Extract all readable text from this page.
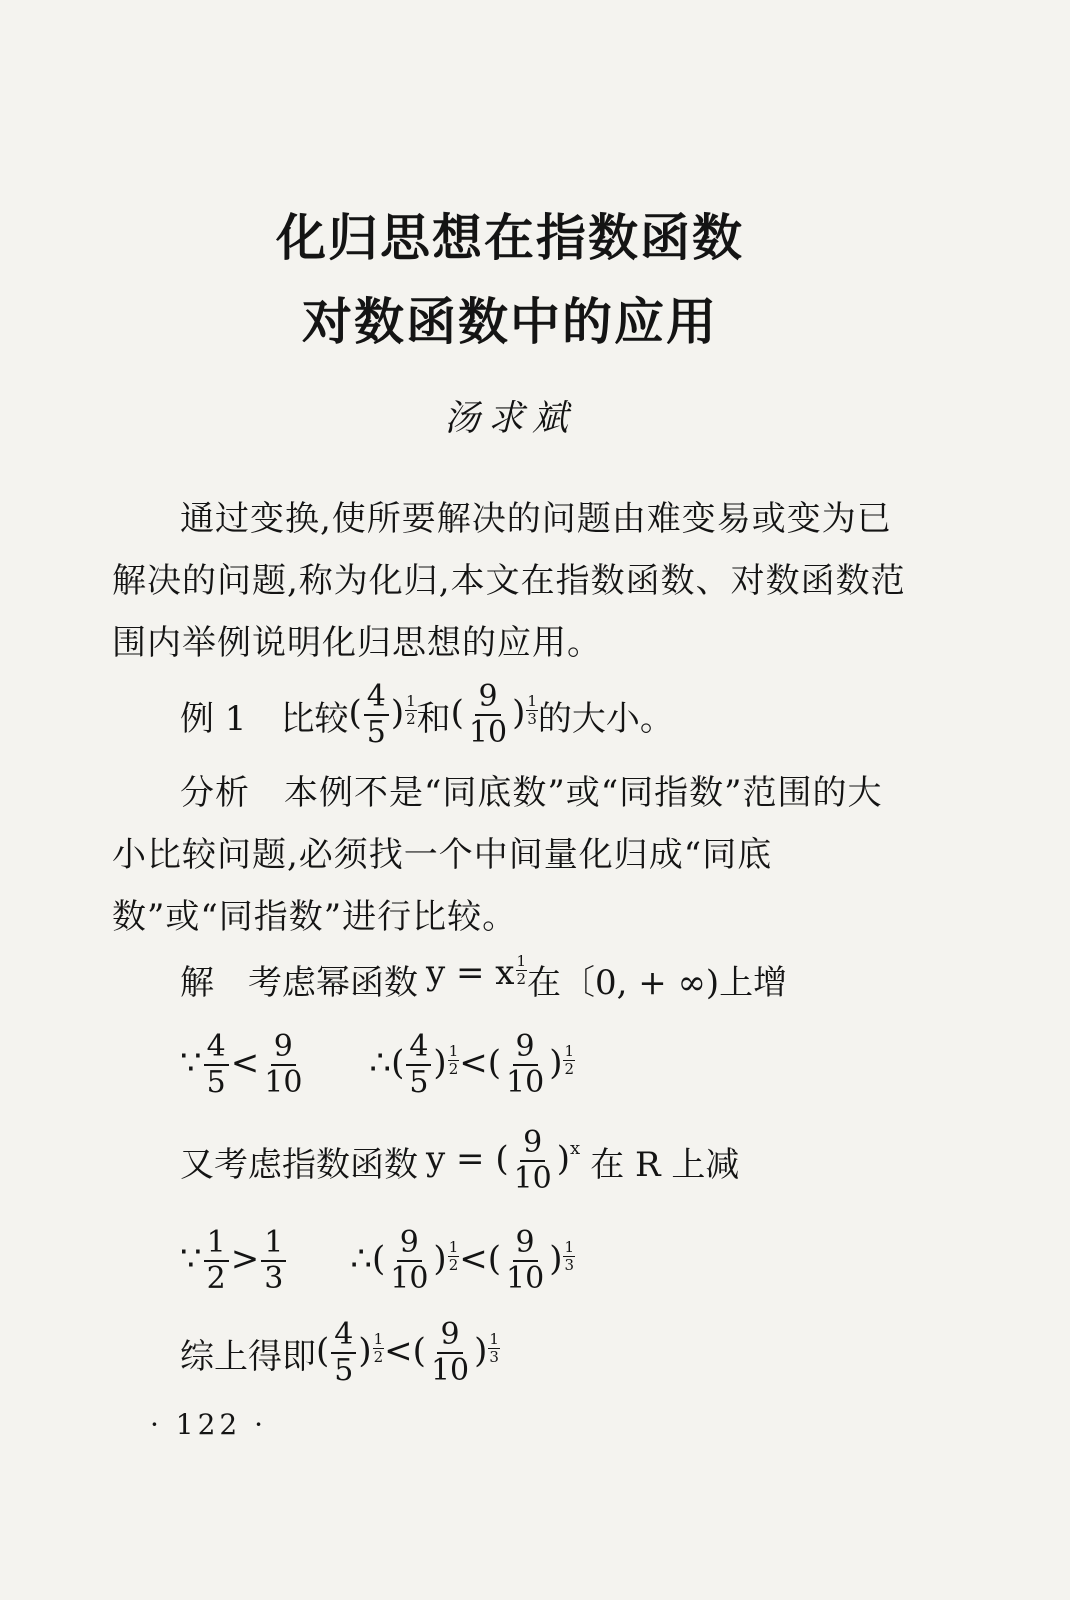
化归思想在指数函数
对数函数中的应用
汤求斌
通过变换,使所要解决的问题由难变易或变为已解决的问题,称为化归,本文在指数函数、对数函数范围内举例说明化归思想的应用。
例 1 比较 ( $\frac{4}{5}$ ) $\frac{1}{2}$ 和 ( $\frac{9}{10}$ ) $\frac{1}{3}$ 的大小。
分析 本例不是“同底数”或“同指数”范围的大小比较问题,必须找一个中间量化归成“同底数”或“同指数”进行比较。
解 考虑幂函数 y = x $\frac{1}{2}$ 在〔0, + ∞)上增
∵ $\frac{4}{5} < \frac{9}{10}$ ∴( $\frac{4}{5}$ ) $\frac{1}{2}$ <( $\frac{9}{10}$ ) $\frac{1}{2}$
又考虑指数函数 y = ( $\frac{9}{10} )^x$ 在 R 上减
∵ $\frac{1}{2} > \frac{1}{3}$ ∴( $\frac{9}{10}$ ) $\frac{1}{2}$ <( $\frac{9}{10}$ ) $\frac{1}{3}$
综上得即 ( $\frac{4}{5}$ ) $\frac{1}{2}$ <( $\frac{9}{10}$ ) $\frac{1}{3}$
· 122 ·
